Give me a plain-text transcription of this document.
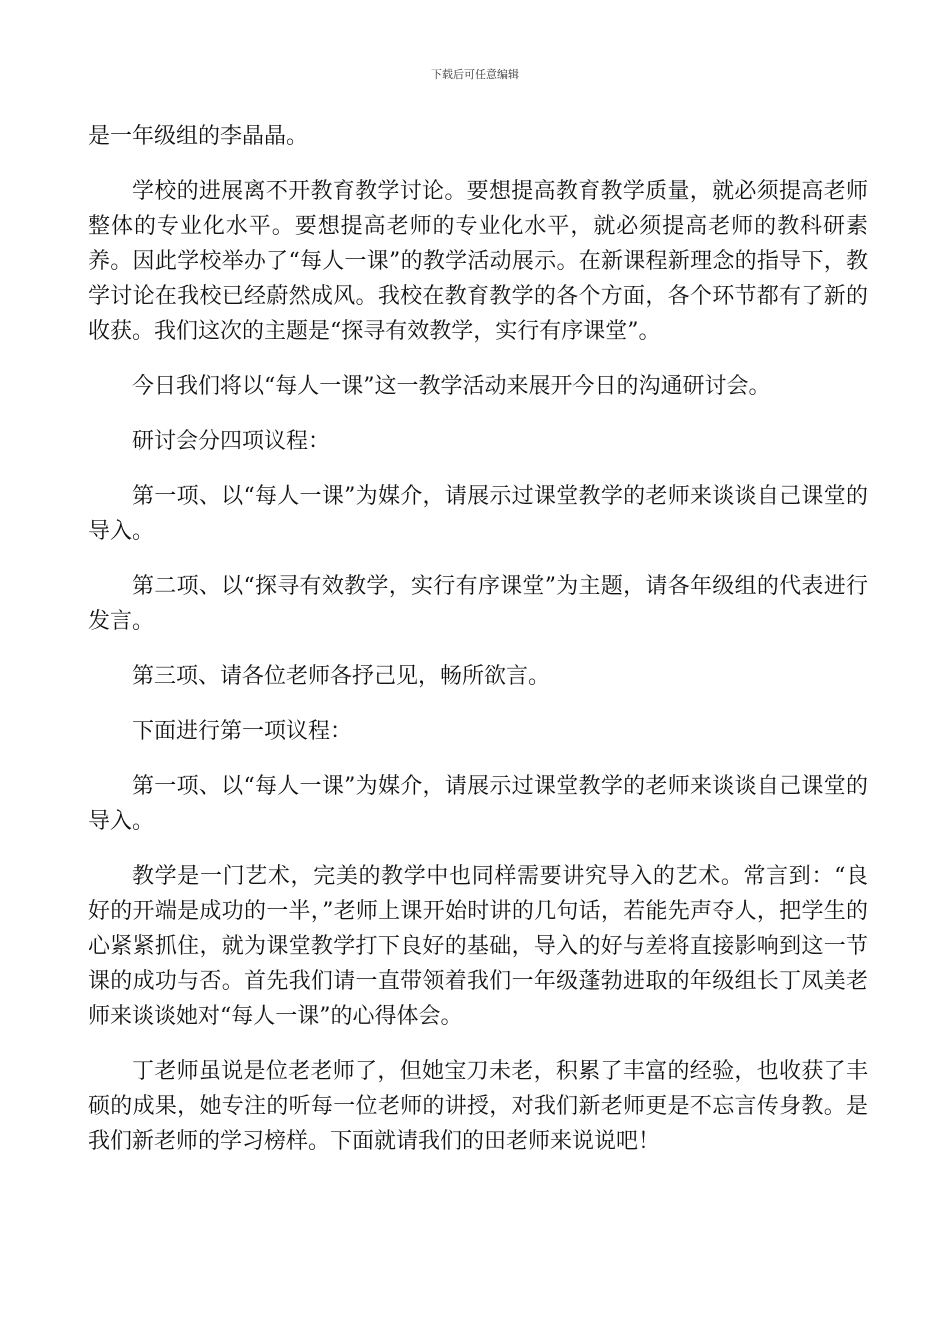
下载后可任意编辑

是一年级组的李晶晶。

学校的进展离不开教育教学讨论。要想提高教育教学质量，就必须提高老师整体的专业化水平。要想提高老师的专业化水平，就必须提高老师的教科研素养。因此学校举办了“每人一课”的教学活动展示。在新课程新理念的指导下，教学讨论在我校已经蔚然成风。我校在教育教学的各个方面，各个环节都有了新的收获。我们这次的主题是“探寻有效教学，实行有序课堂”。

今日我们将以“每人一课”这一教学活动来展开今日的沟通研讨会。

研讨会分四项议程：

第一项、以“每人一课”为媒介，请展示过课堂教学的老师来谈谈自己课堂的导入。

第二项、以“探寻有效教学，实行有序课堂”为主题，请各年级组的代表进行发言。

第三项、请各位老师各抒己见，畅所欲言。

下面进行第一项议程：

第一项、以“每人一课”为媒介，请展示过课堂教学的老师来谈谈自己课堂的导入。

教学是一门艺术，完美的教学中也同样需要讲究导入的艺术。常言到：“良好的开端是成功的一半，”老师上课开始时讲的几句话，若能先声夺人，把学生的心紧紧抓住，就为课堂教学打下良好的基础，导入的好与差将直接影响到这一节课的成功与否。首先我们请一直带领着我们一年级蓬勃进取的年级组长丁凤美老师来谈谈她对“每人一课”的心得体会。

丁老师虽说是位老老师了，但她宝刀未老，积累了丰富的经验，也收获了丰硕的成果，她专注的听每一位老师的讲授，对我们新老师更是不忘言传身教。是我们新老师的学习榜样。下面就请我们的田老师来说说吧！
